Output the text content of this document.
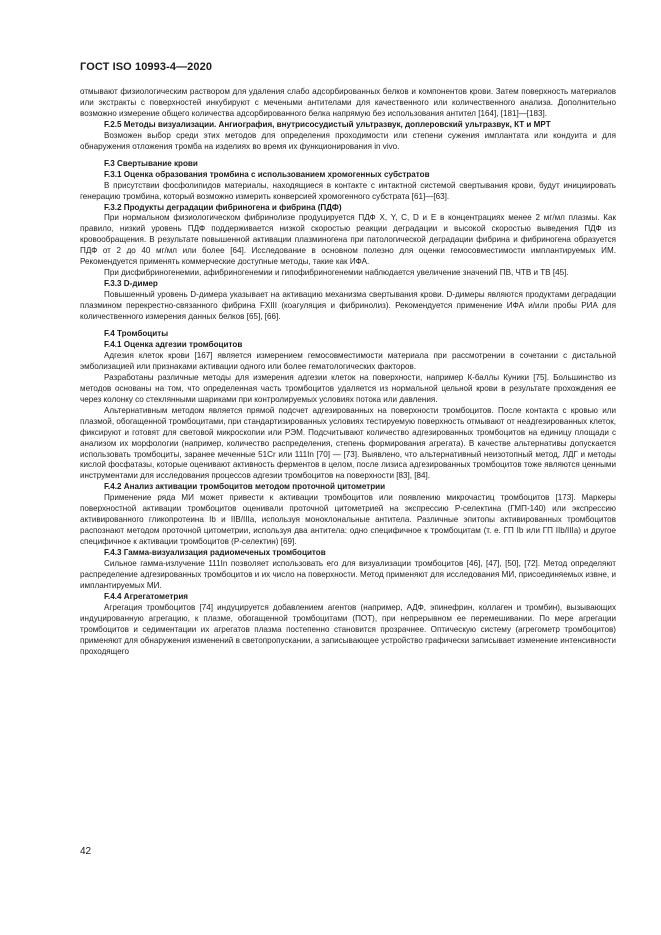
ГОСТ ISO 10993-4—2020
отмывают физиологическим раствором для удаления слабо адсорбированных белков и компонентов крови. Затем поверхность материалов или экстракты с поверхностей инкубируют с мечеными антителами для качественного или количественного анализа. Дополнительно возможно измерение общего количества адсорбированного белка напрямую без использования антител [164], [181]—[183].
F.2.5 Методы визуализации. Ангиография, внутрисосудистый ультразвук, доплеровский ультразвук, КТ и МРТ
Возможен выбор среди этих методов для определения проходимости или степени сужения имплантата или кондуита и для обнаружения отложения тромба на изделиях во время их функционирования in vivo.
F.3 Свертывание крови
F.3.1 Оценка образования тромбина с использованием хромогенных субстратов
В присутствии фосфолипидов материалы, находящиеся в контакте с интактной системой свертывания крови, будут инициировать генерацию тромбина, который возможно измерить конверсией хромогенного субстрата [61]—[63].
F.3.2 Продукты деградации фибриногена и фибрина (ПДФ)
При нормальном физиологическом фибринолизе продуцируется ПДФ X, Y, C, D и E в концентрациях менее 2 мг/мл плазмы. Как правило, низкий уровень ПДФ поддерживается низкой скоростью реакции деградации и высокой скоростью выведения ПДФ из кровообращения. В результате повышенной активации плазминогена при патологической деградации фибрина и фибриногена образуется ПДФ от 2 до 40 мг/мл или более [64]. Исследование в основном полезно для оценки гемосовместимости имплантируемых ИМ. Рекомендуется применять коммерческие доступные методы, такие как ИФА.
При дисфибриногенемии, афибриногенемии и гипофибриногенемии наблюдается увеличение значений ПВ, ЧТВ и ТВ [45].
F.3.3 D-димер
Повышенный уровень D-димера указывает на активацию механизма свертывания крови. D-димеры являются продуктами деградации плазмином перекрестно-связанного фибрина FXIII (коагуляция и фибринолиз). Рекомендуется применение ИФА и/или пробы РИА для количественного измерения данных белков [65], [66].
F.4 Тромбоциты
F.4.1 Оценка адгезии тромбоцитов
Адгезия клеток крови [167] является измерением гемосовместимости материала при рассмотрении в сочетании с дистальной эмболизацией или признаками активации одного или более гематологических факторов.
Разработаны различные методы для измерения адгезии клеток на поверхности, например К-баллы Куники [75]. Большинство из методов основаны на том, что определенная часть тромбоцитов удаляется из нормальной цельной крови в результате прохождения ее через колонку со стеклянными шариками при контролируемых условиях потока или давления.
Альтернативным методом является прямой подсчет адгезированных на поверхности тромбоцитов. После контакта с кровью или плазмой, обогащенной тромбоцитами, при стандартизированных условиях тестируемую поверхность отмывают от неадгезированных клеток, фиксируют и готовят для световой микроскопии или РЭМ. Подсчитывают количество адгезированных тромбоцитов на единицу площади с анализом их морфологии (например, количество распределения, степень формирования агрегата). В качестве альтернативы допускается использовать тромбоциты, заранее меченные 51Cr или 111In [70] — [73]. Выявлено, что альтернативный неизотопный метод, ЛДГ и методы кислой фосфатазы, которые оценивают активность ферментов в целом, после лизиса адгезированных тромбоцитов тоже являются ценными инструментами для исследования процессов адгезии тромбоцитов на поверхности [83], [84].
F.4.2 Анализ активации тромбоцитов методом проточной цитометрии
Применение ряда МИ может привести к активации тромбоцитов или появлению микрочастиц тромбоцитов [173]. Маркеры поверхностной активации тромбоцитов оценивали проточной цитометрией на экспрессию Р-селектина (ГМП-140) или экспрессию активированного гликопротеина Ib и IIB/IIIa, используя моноклональные антитела. Различные эпитопы активированных тромбоцитов распознают методом проточной цитометрии, используя два антитела: одно специфичное к тромбоцитам (т. е. ГП Ib или ГП IIb/IIIa) и другое специфичное к активации тромбоцитов (Р-селектин) [69].
F.4.3 Гамма-визуализация радиомеченых тромбоцитов
Сильное гамма-излучение 111In позволяет использовать его для визуализации тромбоцитов [46], [47], [50], [72]. Метод определяют распределение адгезированных тромбоцитов и их число на поверхности. Метод применяют для исследования МИ, присоединяемых извне, и имплантируемых МИ.
F.4.4 Агрегатометрия
Агрегация тромбоцитов [74] индуцируется добавлением агентов (например, АДФ, эпинефрин, коллаген и тромбин), вызывающих индуцированную агрегацию, к плазме, обогащенной тромбоцитами (ПОТ), при непрерывном ее перемешивании. По мере агрегации тромбоцитов и седиментации их агрегатов плазма постепенно становится прозрачнее. Оптическую систему (агрегометр тромбоцитов) применяют для обнаружения изменений в светопропускании, а записывающее устройство графически записывает изменение интенсивности проходящего
42
